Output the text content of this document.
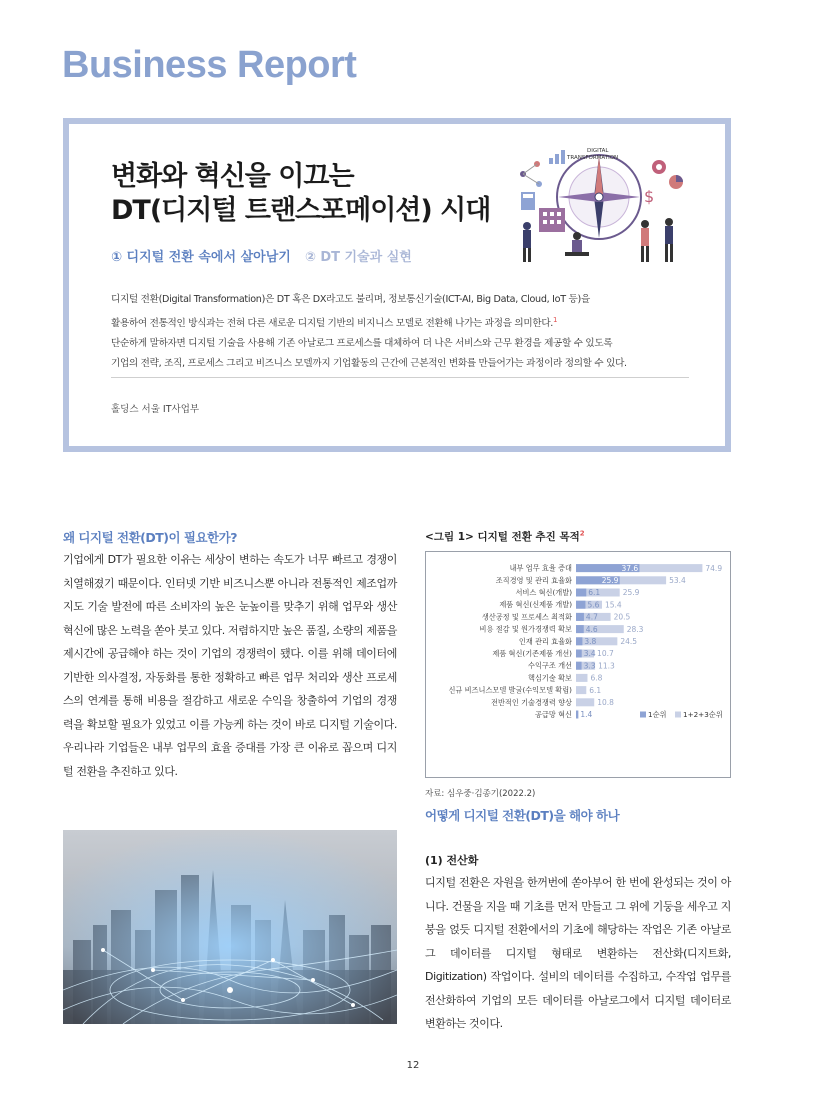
Business Report
변화와 혁신을 이끄는
DT(디지털 트랜스포메이션) 시대
① 디지털 전환 속에서 살아남기 ② DT 기술과 실현
디지털 전환(Digital Transformation)은 DT 혹은 DX라고도 불리며, 정보통신기술(ICT-AI, Big Data, Cloud, IoT 등)을
활용하여 전통적인 방식과는 전혀 다른 새로운 디지털 기반의 비지니스 모델로 전환해 나가는 과정을 의미한다.$^1$
단순하게 말하자면 디지털 기술을 사용해 기존 아날로그 프로세스를 대체하여 더 나은 서비스와 근무 환경을 제공할 수 있도록
기업의 전략, 조직, 프로세스 그리고 비즈니스 모델까지 기업활동의 근간에 근본적인 변화를 만들어가는 과정이라 정의할 수 있다.
홀딩스 서울 IT사업부
DIGITAL
TRANSFORMATION
$
왜 디지털 전환(DT)이 필요한가?
기업에게 DT가 필요한 이유는 세상이 변하는 속도가 너무 빠르고 경쟁이 치열해졌기 때문이다. 인터넷 기반 비즈니스뿐 아니라 전통적인 제조업까지도 기술 발전에 따른 소비자의 높은 눈높이를 맞추기 위해 업무와 생산 혁신에 많은 노력을 쏟아 붓고 있다. 저렴하지만 높은 품질, 소량의 제품을 제시간에 공급해야 하는 것이 기업의 경쟁력이 됐다. 이를 위해 데이터에 기반한 의사결정, 자동화를 통한 정확하고 빠른 업무 처리와 생산 프로세스의 연계를 통해 비용을 절감하고 새로운 수익을 창출하여 기업의 경쟁력을 확보할 필요가 있었고 이를 가능케 하는 것이 바로 디지털 기술이다. 우리나라 기업들은 내부 업무의 효율 증대를 가장 큰 이유로 꼽으며 디지털 전환을 추진하고 있다.
<그림 1> 디지털 전환 추진 목적$^2$
내부 업무 효율 증대	37.6	74.9
조직경영 및 관리 효율화	25.9	53.4
서비스 혁신(개발) 6.1	25.9
제품 혁신(신제품 개발) 5.6 15.4
생산공정 및 프로세스 최적화 4.7 20.5
비용 절감 및 원가경쟁력 확보 4.6	28.3
인재 관리 효율화 3.8	24.5
제품 혁신(기존제품 개선) 3.4 10.7
수익구조 개선 3.3 11.3
핵심기술 확보 6.8
신규 비즈니스모델 발굴(수익모델 확립) 6.1
전반적인 기술경쟁력 향상	10.8
공급망 혁신 1.4	1순위 1+2+3순위
자료: 심우중·김종기(2022.2)
어떻게 디지털 전환(DT)을 해야 하나
(1) 전산화
디지털 전환은 자원을 한꺼번에 쏟아부어 한 번에 완성되는 것이 아니다. 건물을 지을 때 기초를 먼저 만들고 그 위에 기둥을 세우고 지붕을 얹듯 디지털 전환에서의 기초에 해당하는 작업은 기존 아날로그 데이터를 디지털 형태로 변환하는 전산화(디지트화, Digitization) 작업이다. 설비의 데이터를 수집하고, 수작업 업무를 전산화하여 기업의 모든 데이터를 아날로그에서 디지털 데이터로 변환하는 것이다.
12
